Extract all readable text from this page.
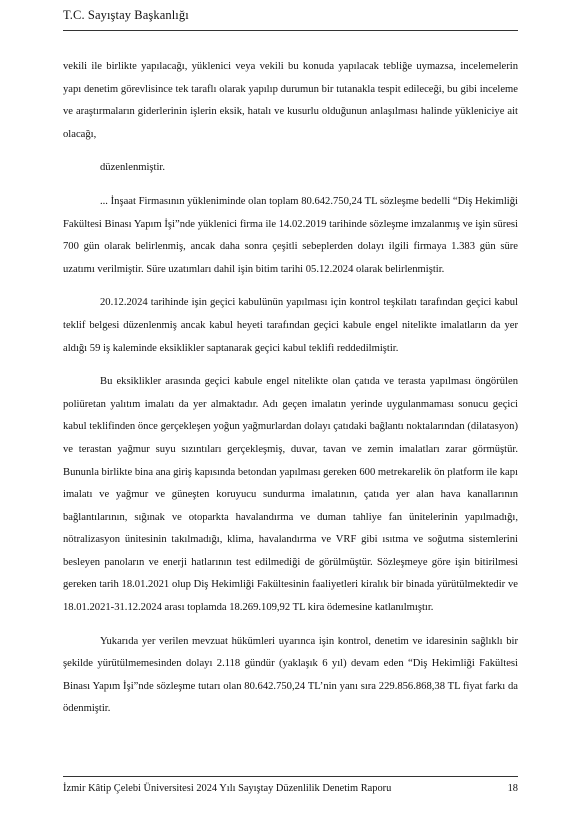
T.C. Sayıştay Başkanlığı

vekili ile birlikte yapılacağı, yüklenici veya vekili bu konuda yapılacak tebliğe uymazsa, incelemelerin yapı denetim görevlisince tek taraflı olarak yapılıp durumun bir tutanakla tespit edileceği, bu gibi inceleme ve araştırmaların giderlerinin işlerin eksik, hatalı ve kusurlu olduğunun anlaşılması halinde yükleniciye ait olacağı,

düzenlenmiştir.

... İnşaat Firmasının yükleniminde olan toplam 80.642.750,24 TL sözleşme bedelli “Diş Hekimliği Fakültesi Binası Yapım İşi”nde yüklenici firma ile 14.02.2019 tarihinde sözleşme imzalanmış ve işin süresi 700 gün olarak belirlenmiş, ancak daha sonra çeşitli sebeplerden dolayı ilgili firmaya 1.383 gün süre uzatımı verilmiştir. Süre uzatımları dahil işin bitim tarihi 05.12.2024 olarak belirlenmiştir.

20.12.2024 tarihinde işin geçici kabulünün yapılması için kontrol teşkilatı tarafından geçici kabul teklif belgesi düzenlenmiş ancak kabul heyeti tarafından geçici kabule engel nitelikte imalatların da yer aldığı 59 iş kaleminde eksiklikler saptanarak geçici kabul teklifi reddedilmiştir.

Bu eksiklikler arasında geçici kabule engel nitelikte olan çatıda ve terasta yapılması öngörülen poliüretan yalıtım imalatı da yer almaktadır. Adı geçen imalatın yerinde uygulanmaması sonucu geçici kabul teklifinden önce gerçekleşen yoğun yağmurlardan dolayı çatıdaki bağlantı noktalarından (dilatasyon) ve terastan yağmur suyu sızıntıları gerçekleşmiş, duvar, tavan ve zemin imalatları zarar görmüştür. Bununla birlikte bina ana giriş kapısında betondan yapılması gereken 600 metrekarelik ön platform ile kapı imalatı ve yağmur ve güneşten koruyucu sundurma imalatının, çatıda yer alan hava kanallarının bağlantılarının, sığınak ve otoparkta havalandırma ve duman tahliye fan ünitelerinin yapılmadığı, nötralizasyon ünitesinin takılmadığı, klima, havalandırma ve VRF gibi ısıtma ve soğutma sistemlerini besleyen panoların ve enerji hatlarının test edilmediği de görülmüştür. Sözleşmeye göre işin bitirilmesi gereken tarih 18.01.2021 olup Diş Hekimliği Fakültesinin faaliyetleri kiralık bir binada yürütülmektedir ve 18.01.2021-31.12.2024 arası toplamda 18.269.109,92 TL kira ödemesine katlanılmıştır.

Yukarıda yer verilen mevzuat hükümleri uyarınca işin kontrol, denetim ve idaresinin sağlıklı bir şekilde yürütülmemesinden dolayı 2.118 gündür (yaklaşık 6 yıl) devam eden “Diş Hekimliği Fakültesi Binası Yapım İşi”nde sözleşme tutarı olan 80.642.750,24 TL’nin yanı sıra 229.856.868,38 TL fiyat farkı da ödenmiştir.

İzmir Kâtip Çelebi Üniversitesi 2024 Yılı Sayıştay Düzenlilik Denetim Raporu	18
